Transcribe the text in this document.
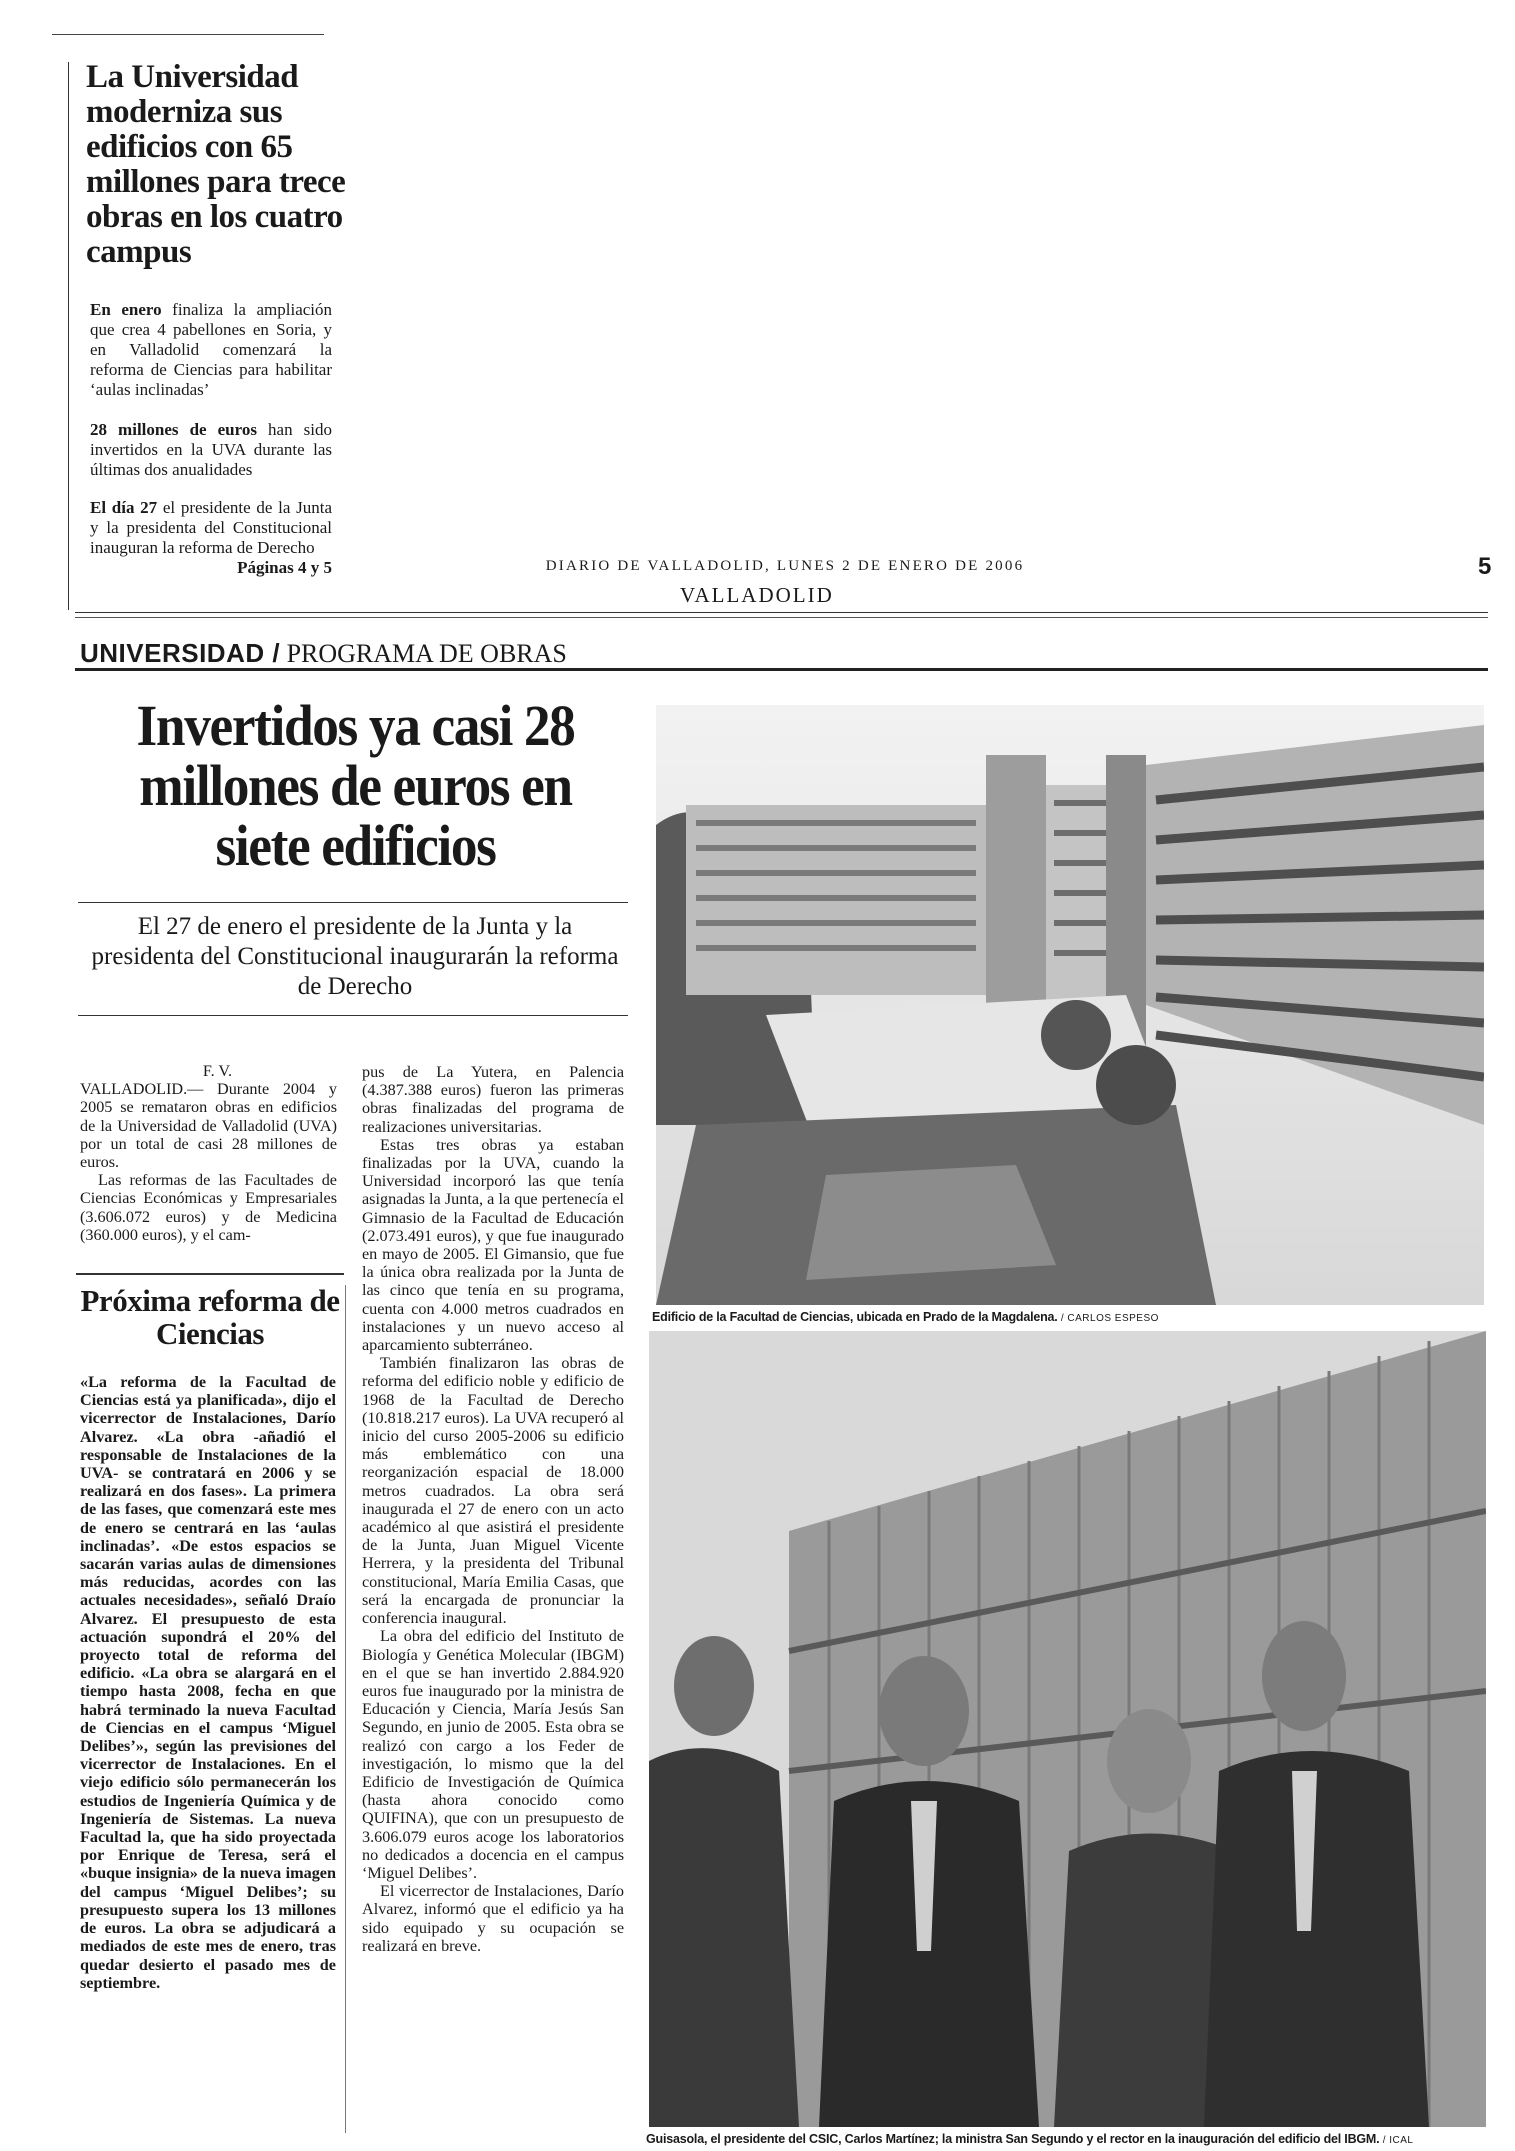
La Universidad moderniza sus edificios con 65 millones para trece obras en los cuatro campus
En enero finaliza la ampliación que crea 4 pabellones en Soria, y en Valladolid comenzará la reforma de Ciencias para habilitar ‘aulas inclinadas’
28 millones de euros han sido invertidos en la UVA durante las últimas dos anualidades
El día 27 el presidente de la Junta y la presidenta del Constitucional inauguran la reforma de Derecho
Páginas 4 y 5	DIARIO DE VALLADOLID, LUNES 2 DE ENERO DE 2006	5
VALLADOLID
UNIVERSIDAD / PROGRAMA DE OBRAS
Invertidos ya casi 28 millones de euros en siete edificios
El 27 de enero el presidente de la Junta y la presidenta del Constitucional inaugurarán la reforma de Derecho

F. V.

VALLADOLID.— Durante 2004 y 2005 se remataron obras en edificios de la Universidad de Valladolid (UVA) por un total de casi 28 millones de euros.

Las reformas de las Facultades de Ciencias Económicas y Empresariales (3.606.072 euros) y de Medicina (360.000 euros), y el cam-

Próxima reforma de Ciencias

«La reforma de la Facultad de Ciencias está ya planificada», dijo el vicerrector de Instalaciones, Darío Alvarez. «La obra -añadió el responsable de Instalaciones de la UVA- se contratará en 2006 y se realizará en dos fases». La primera de las fases, que comenzará este mes de enero se centrará en las ‘aulas inclinadas’. «De estos espacios se sacarán varias aulas de dimensiones más reducidas, acordes con las actuales necesidades», señaló Draío Alvarez. El presupuesto de esta actuación supondrá el 20% del proyecto total de reforma del edificio. «La obra se alargará en el tiempo hasta 2008, fecha en que habrá terminado la nueva Facultad de Ciencias en el campus ‘Miguel Delibes’», según las previsiones del vicerrector de Instalaciones. En el viejo edificio sólo permanecerán los estudios de Ingeniería Química y de Ingeniería de Sistemas. La nueva Facultad la, que ha sido proyectada por Enrique de Teresa, será el «buque insignia» de la nueva imagen del campus ‘Miguel Delibes’; su presupuesto supera los 13 millones de euros. La obra se adjudicará a mediados de este mes de enero, tras quedar desierto el pasado mes de septiembre.

pus de La Yutera, en Palencia (4.387.388 euros) fueron las primeras obras finalizadas del programa de realizaciones universitarias.

Estas tres obras ya estaban finalizadas por la UVA, cuando la Universidad incorporó las que tenía asignadas la Junta, a la que pertenecía el Gimnasio de la Facultad de Educación (2.073.491 euros), y que fue inaugurado en mayo de 2005. El Gimansio, que fue la única obra realizada por la Junta de las cinco que tenía en su programa, cuenta con 4.000 metros cuadrados en instalaciones y un nuevo acceso al aparcamiento subterráneo.

También finalizaron las obras de reforma del edificio noble y edificio de 1968 de la Facultad de Derecho (10.818.217 euros). La UVA recuperó al inicio del curso 2005-2006 su edificio más emblemático con una reorganización espacial de 18.000 metros cuadrados. La obra será inaugurada el 27 de enero con un acto académico al que asistirá el presidente de la Junta, Juan Miguel Vicente Herrera, y la presidenta del Tribunal constitucional, María Emilia Casas, que será la encargada de pronunciar la conferencia inaugural.

La obra del edificio del Instituto de Biología y Genética Molecular (IBGM) en el que se han invertido 2.884.920 euros fue inaugurado por la ministra de Educación y Ciencia, María Jesús San Segundo, en junio de 2005. Esta obra se realizó con cargo a los Feder de investigación, lo mismo que la del Edificio de Investigación de Química (hasta ahora conocido como QUIFINA), que con un presupuesto de 3.606.079 euros acoge los laboratorios no dedicados a docencia en el campus ‘Miguel Delibes’.

El vicerrector de Instalaciones, Darío Alvarez, informó que el edificio ya ha sido equipado y su ocupación se realizará en breve.

Edificio de la Facultad de Ciencias, ubicada en Prado de la Magdalena. / CARLOS ESPESO
Guisasola, el presidente del CSIC, Carlos Martínez; la ministra San Segundo y el rector en la inauguración del edificio del IBGM. / ICAL
